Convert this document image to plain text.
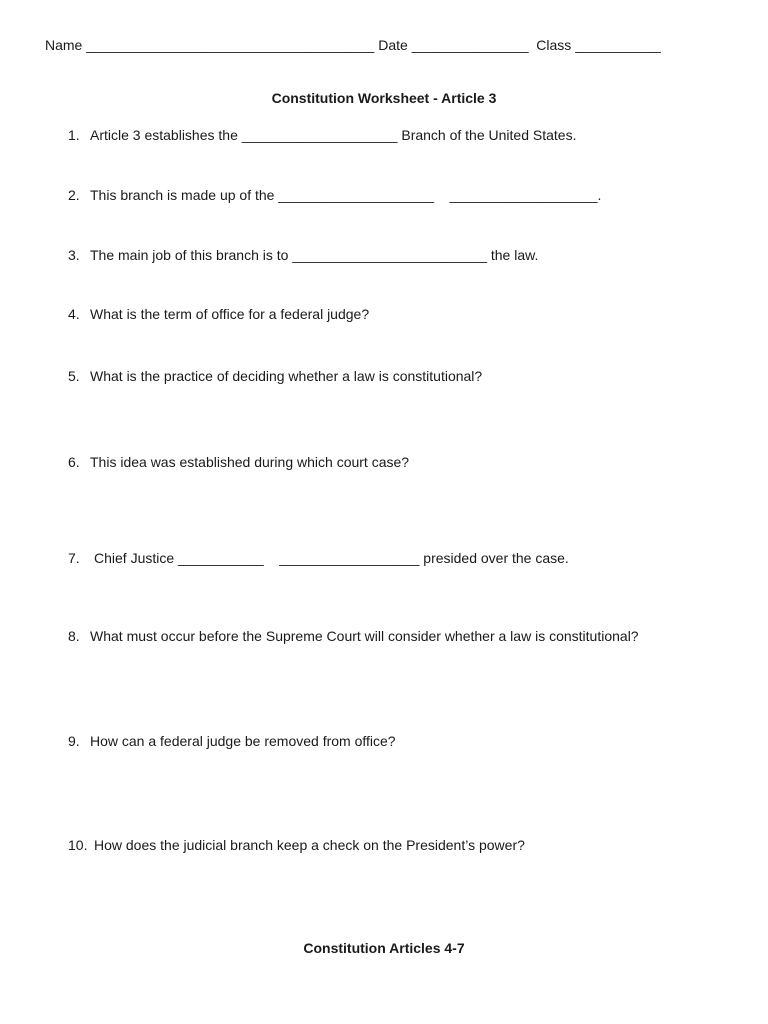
Name _____________________________________ Date _______________ Class ___________
Constitution Worksheet - Article 3
1. Article 3 establishes the ____________________ Branch of the United States.
2. This branch is made up of the ____________________    ___________________.
3. The main job of this branch is to _________________________ the law.
4. What is the term of office for a federal judge?
5. What is the practice of deciding whether a law is constitutional?
6. This idea was established during which court case?
7. Chief Justice ___________    __________________ presided over the case.
8. What must occur before the Supreme Court will consider whether a law is constitutional?
9. How can a federal judge be removed from office?
10. How does the judicial branch keep a check on the President’s power?
Constitution Articles 4-7
